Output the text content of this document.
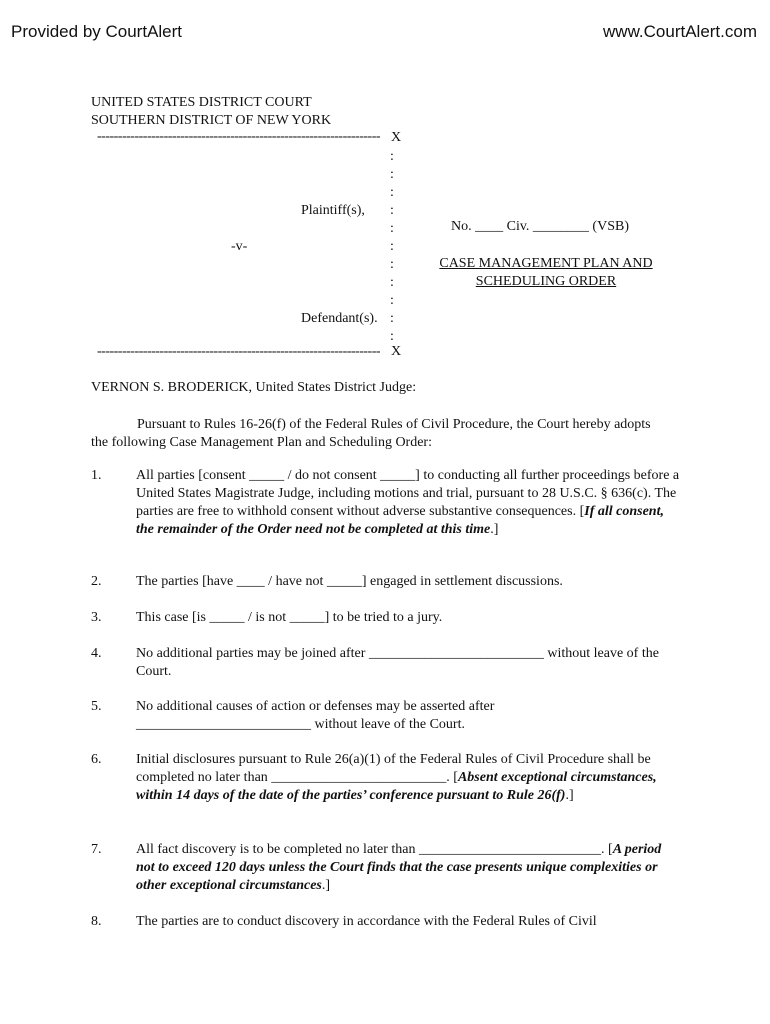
Provided by CourtAlert	www.CourtAlert.com
UNITED STATES DISTRICT COURT
SOUTHERN DISTRICT OF NEW YORK
-------------------------------------------------------------------- X
:
:
:
:
:
:
:
:
:
:
:
Plaintiff(s),
-v-
Defendant(s).
No. ____ Civ. ________ (VSB)
CASE MANAGEMENT PLAN AND
SCHEDULING ORDER
-------------------------------------------------------------------- X
VERNON S. BRODERICK, United States District Judge:
Pursuant to Rules 16-26(f) of the Federal Rules of Civil Procedure, the Court hereby adopts the following Case Management Plan and Scheduling Order:
1. All parties [consent _____ / do not consent _____] to conducting all further proceedings before a United States Magistrate Judge, including motions and trial, pursuant to 28 U.S.C. § 636(c). The parties are free to withhold consent without adverse substantive consequences. [If all consent, the remainder of the Order need not be completed at this time.]
2. The parties [have ____ / have not _____] engaged in settlement discussions.
3. This case [is _____ / is not _____] to be tried to a jury.
4. No additional parties may be joined after _________________________ without leave of the Court.
5. No additional causes of action or defenses may be asserted after _________________________ without leave of the Court.
6. Initial disclosures pursuant to Rule 26(a)(1) of the Federal Rules of Civil Procedure shall be completed no later than _________________________. [Absent exceptional circumstances, within 14 days of the date of the parties’ conference pursuant to Rule 26(f).]
7. All fact discovery is to be completed no later than __________________________. [A period not to exceed 120 days unless the Court finds that the case presents unique complexities or other exceptional circumstances.]
8. The parties are to conduct discovery in accordance with the Federal Rules of Civil
